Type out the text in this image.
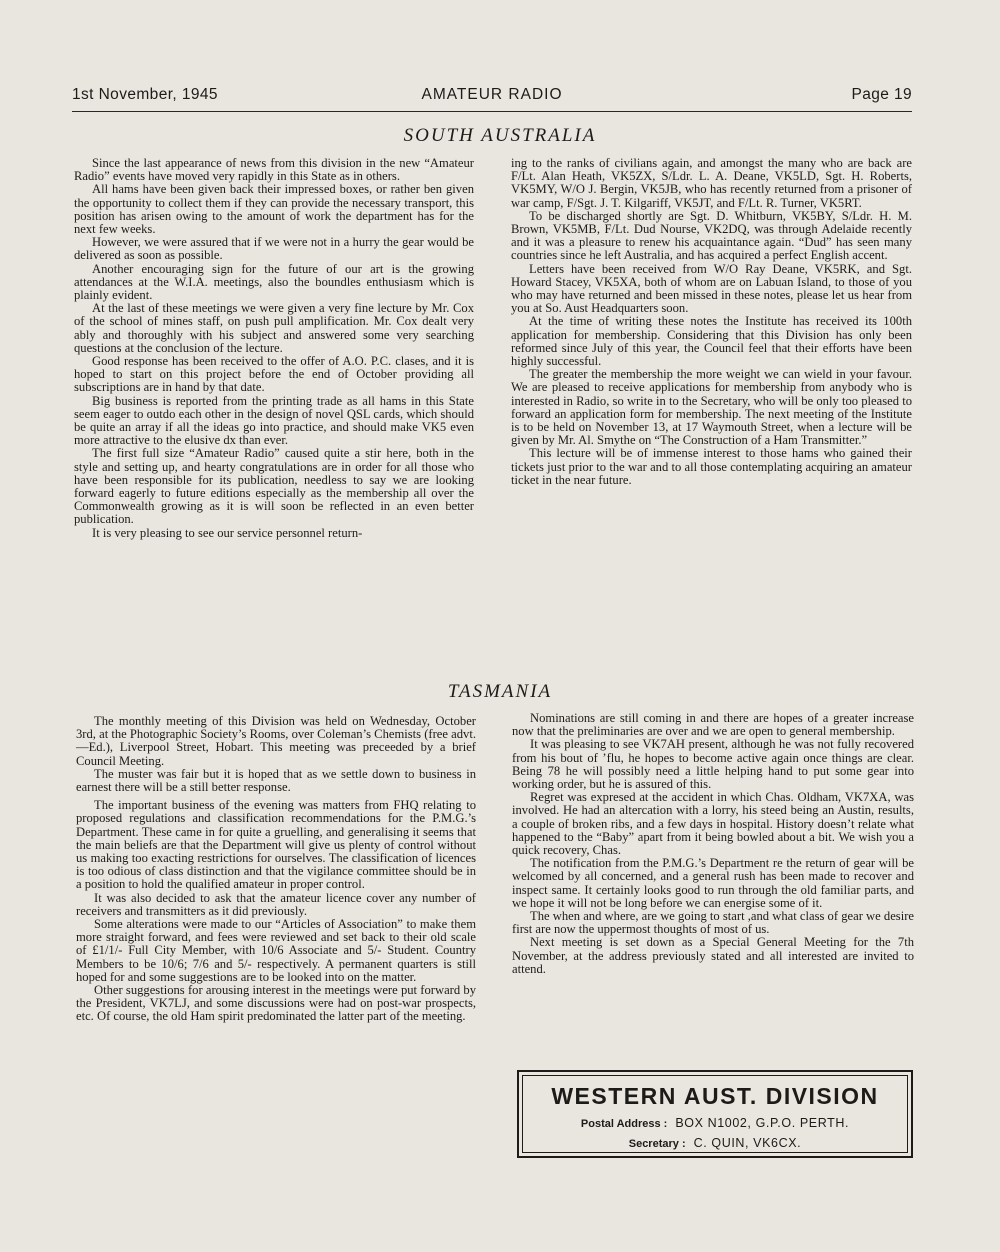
1st November, 1945	AMATEUR RADIO	Page 19
SOUTH AUSTRALIA

Since the last appearance of news from this division in the new “Amateur Radio” events have moved very rapidly in this State as in others.

All hams have been given back their impressed boxes, or rather ben given the opportunity to collect them if they can provide the necessary transport, this position has arisen owing to the amount of work the department has for the next few weeks.

However, we were assured that if we were not in a hurry the gear would be delivered as soon as possible.

Another encouraging sign for the future of our art is the growing attendances at the W.I.A. meetings, also the boundles enthusiasm which is plainly evident.

At the last of these meetings we were given a very fine lecture by Mr. Cox of the school of mines staff, on push pull amplification. Mr. Cox dealt very ably and thoroughly with his subject and answered some very searching questions at the conclusion of the lecture.

Good response has been received to the offer of A.O. P.C. clases, and it is hoped to start on this project before the end of October providing all subscriptions are in hand by that date.

Big business is reported from the printing trade as all hams in this State seem eager to outdo each other in the design of novel QSL cards, which should be quite an array if all the ideas go into practice, and should make VK5 even more attractive to the elusive dx than ever.

The first full size “Amateur Radio” caused quite a stir here, both in the style and setting up, and hearty congratulations are in order for all those who have been responsible for its publication, needless to say we are looking forward eagerly to future editions especially as the membership all over the Commonwealth growing as it is will soon be reflected in an even better publication.

It is very pleasing to see our service personnel return-

ing to the ranks of civilians again, and amongst the many who are back are F/Lt. Alan Heath, VK5ZX, S/Ldr. L. A. Deane, VK5LD, Sgt. H. Roberts, VK5MY, W/O J. Bergin, VK5JB, who has recently returned from a prisoner of war camp, F/Sgt. J. T. Kilgariff, VK5JT, and F/Lt. R. Turner, VK5RT.

To be discharged shortly are Sgt. D. Whitburn, VK5BY, S/Ldr. H. M. Brown, VK5MB, F/Lt. Dud Nourse, VK2DQ, was through Adelaide recently and it was a pleasure to renew his acquaintance again. “Dud” has seen many countries since he left Australia, and has acquired a perfect English accent.

Letters have been received from W/O Ray Deane, VK5RK, and Sgt. Howard Stacey, VK5XA, both of whom are on Labuan Island, to those of you who may have returned and been missed in these notes, please let us hear from you at So. Aust Headquarters soon.

At the time of writing these notes the Institute has received its 100th application for membership. Considering that this Division has only been reformed since July of this year, the Council feel that their efforts have been highly successful.

The greater the membership the more weight we can wield in your favour. We are pleased to receive applications for membership from anybody who is interested in Radio, so write in to the Secretary, who will be only too pleased to forward an application form for membership. The next meeting of the Institute is to be held on November 13, at 17 Waymouth Street, when a lecture will be given by Mr. Al. Smythe on “The Construction of a Ham Transmitter.”

This lecture will be of immense interest to those hams who gained their tickets just prior to the war and to all those contemplating acquiring an amateur ticket in the near future.

TASMANIA

The monthly meeting of this Division was held on Wednesday, October 3rd, at the Photographic Society’s Rooms, over Coleman’s Chemists (free advt.—Ed.), Liverpool Street, Hobart. This meeting was preceeded by a brief Council Meeting.

The muster was fair but it is hoped that as we settle down to business in earnest there will be a still better response.

The important business of the evening was matters from FHQ relating to proposed regulations and classification recommendations for the P.M.G.’s Department. These came in for quite a gruelling, and generalising it seems that the main beliefs are that the Department will give us plenty of control without us making too exacting restrictions for ourselves. The classification of licences is too odious of class distinction and that the vigilance committee should be in a position to hold the qualified amateur in proper control.

It was also decided to ask that the amateur licence cover any number of receivers and transmitters as it did previously.

Some alterations were made to our “Articles of Association” to make them more straight forward, and fees were reviewed and set back to their old scale of £1/1/- Full City Member, with 10/6 Associate and 5/- Student. Country Members to be 10/6; 7/6 and 5/- respectively. A permanent quarters is still hoped for and some suggestions are to be looked into on the matter.

Other suggestions for arousing interest in the meetings were put forward by the President, VK7LJ, and some discussions were had on post-war prospects, etc. Of course, the old Ham spirit predominated the latter part of the meeting.

Nominations are still coming in and there are hopes of a greater increase now that the preliminaries are over and we are open to general membership.

It was pleasing to see VK7AH present, although he was not fully recovered from his bout of ’flu, he hopes to become active again once things are clear. Being 78 he will possibly need a little helping hand to put some gear into working order, but he is assured of this.

Regret was expresed at the accident in which Chas. Oldham, VK7XA, was involved. He had an altercation with a lorry, his steed being an Austin, results, a couple of broken ribs, and a few days in hospital. History doesn’t relate what happened to the “Baby” apart from it being bowled about a bit. We wish you a quick recovery, Chas.

The notification from the P.M.G.’s Department re the return of gear will be welcomed by all concerned, and a general rush has been made to recover and inspect same. It certainly looks good to run through the old familiar parts, and we hope it will not be long before we can energise some of it.

The when and where, are we going to start ,and what class of gear we desire first are now the uppermost thoughts of most of us.

Next meeting is set down as a Special General Meeting for the 7th November, at the address previously stated and all interested are invited to attend.

WESTERN AUST. DIVISION
Postal Address : BOX N1002, G.P.O. PERTH.
Secretary : C. QUIN, VK6CX.
